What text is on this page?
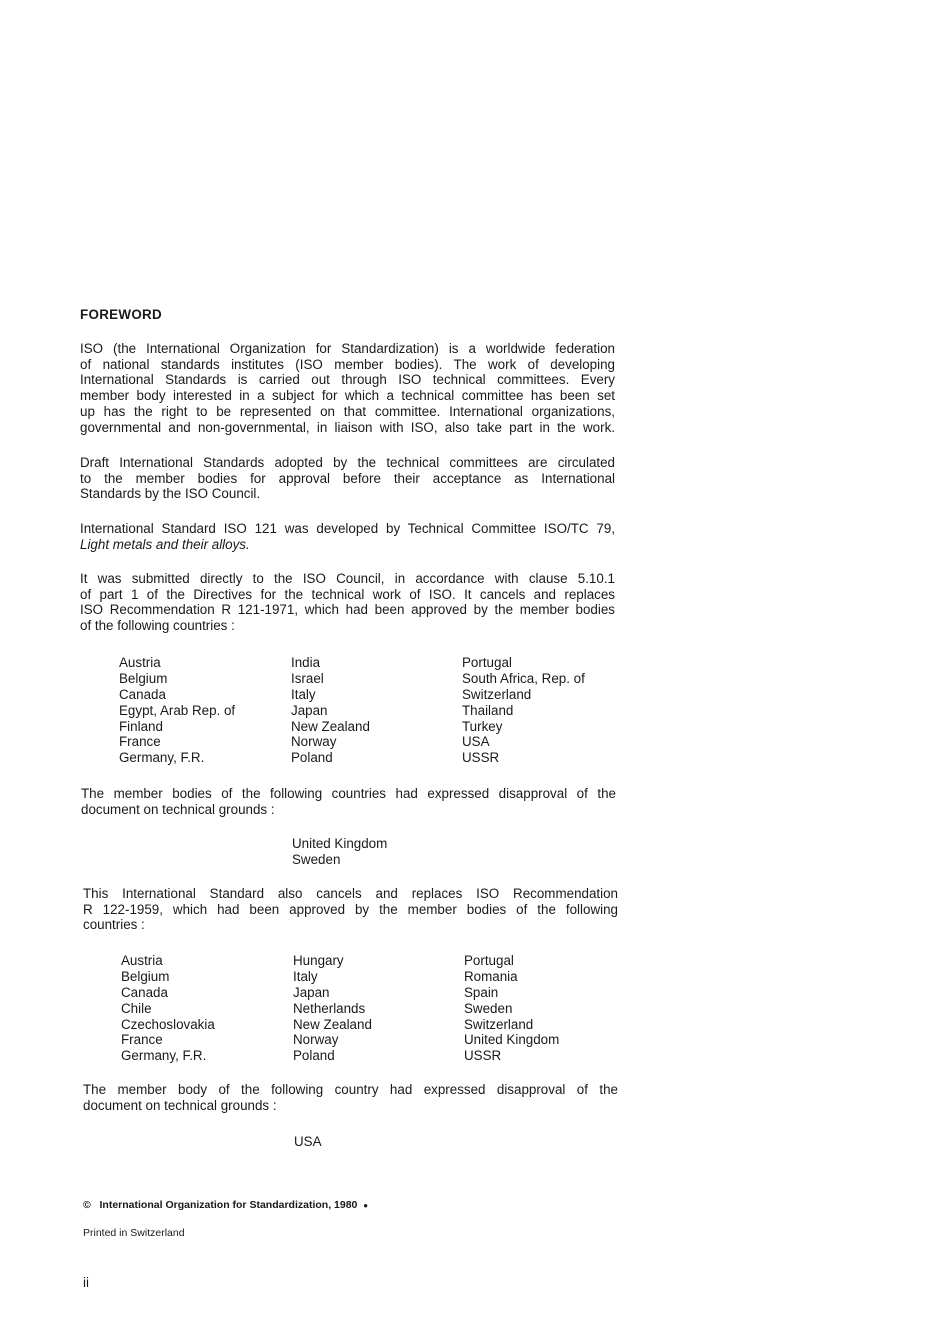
FOREWORD
ISO (the International Organization for Standardization) is a worldwide federation
of national standards institutes (ISO member bodies). The work of developing
International Standards is carried out through ISO technical committees. Every
member body interested in a subject for which a technical committee has been set
up has the right to be represented on that committee. International organizations,
governmental and non-governmental, in liaison with ISO, also take part in the work.
Draft International Standards adopted by the technical committees are circulated
to the member bodies for approval before their acceptance as International
Standards by the ISO Council.
International Standard ISO 121 was developed by Technical Committee ISO/TC 79,
Light metals and their alloys.
It was submitted directly to the ISO Council, in accordance with clause 5.10.1
of part 1 of the Directives for the technical work of ISO. It cancels and replaces
ISO Recommendation R 121-1971, which had been approved by the member bodies
of the following countries :
Austria
Belgium
Canada
Egypt, Arab Rep. of
Finland
France
Germany, F.R.
India
Israel
Italy
Japan
New Zealand
Norway
Poland
Portugal
South Africa, Rep. of
Switzerland
Thailand
Turkey
USA
USSR
The member bodies of the following countries had expressed disapproval of the
document on technical grounds :
United Kingdom
Sweden
This International Standard also cancels and replaces ISO Recommendation
R 122-1959, which had been approved by the member bodies of the following
countries :
Austria
Belgium
Canada
Chile
Czechoslovakia
France
Germany, F.R.
Hungary
Italy
Japan
Netherlands
New Zealand
Norway
Poland
Portugal
Romania
Spain
Sweden
Switzerland
United Kingdom
USSR
The member body of the following country had expressed disapproval of the
document on technical grounds :
USA
© International Organization for Standardization, 1980 ●
Printed in Switzerland
ii
